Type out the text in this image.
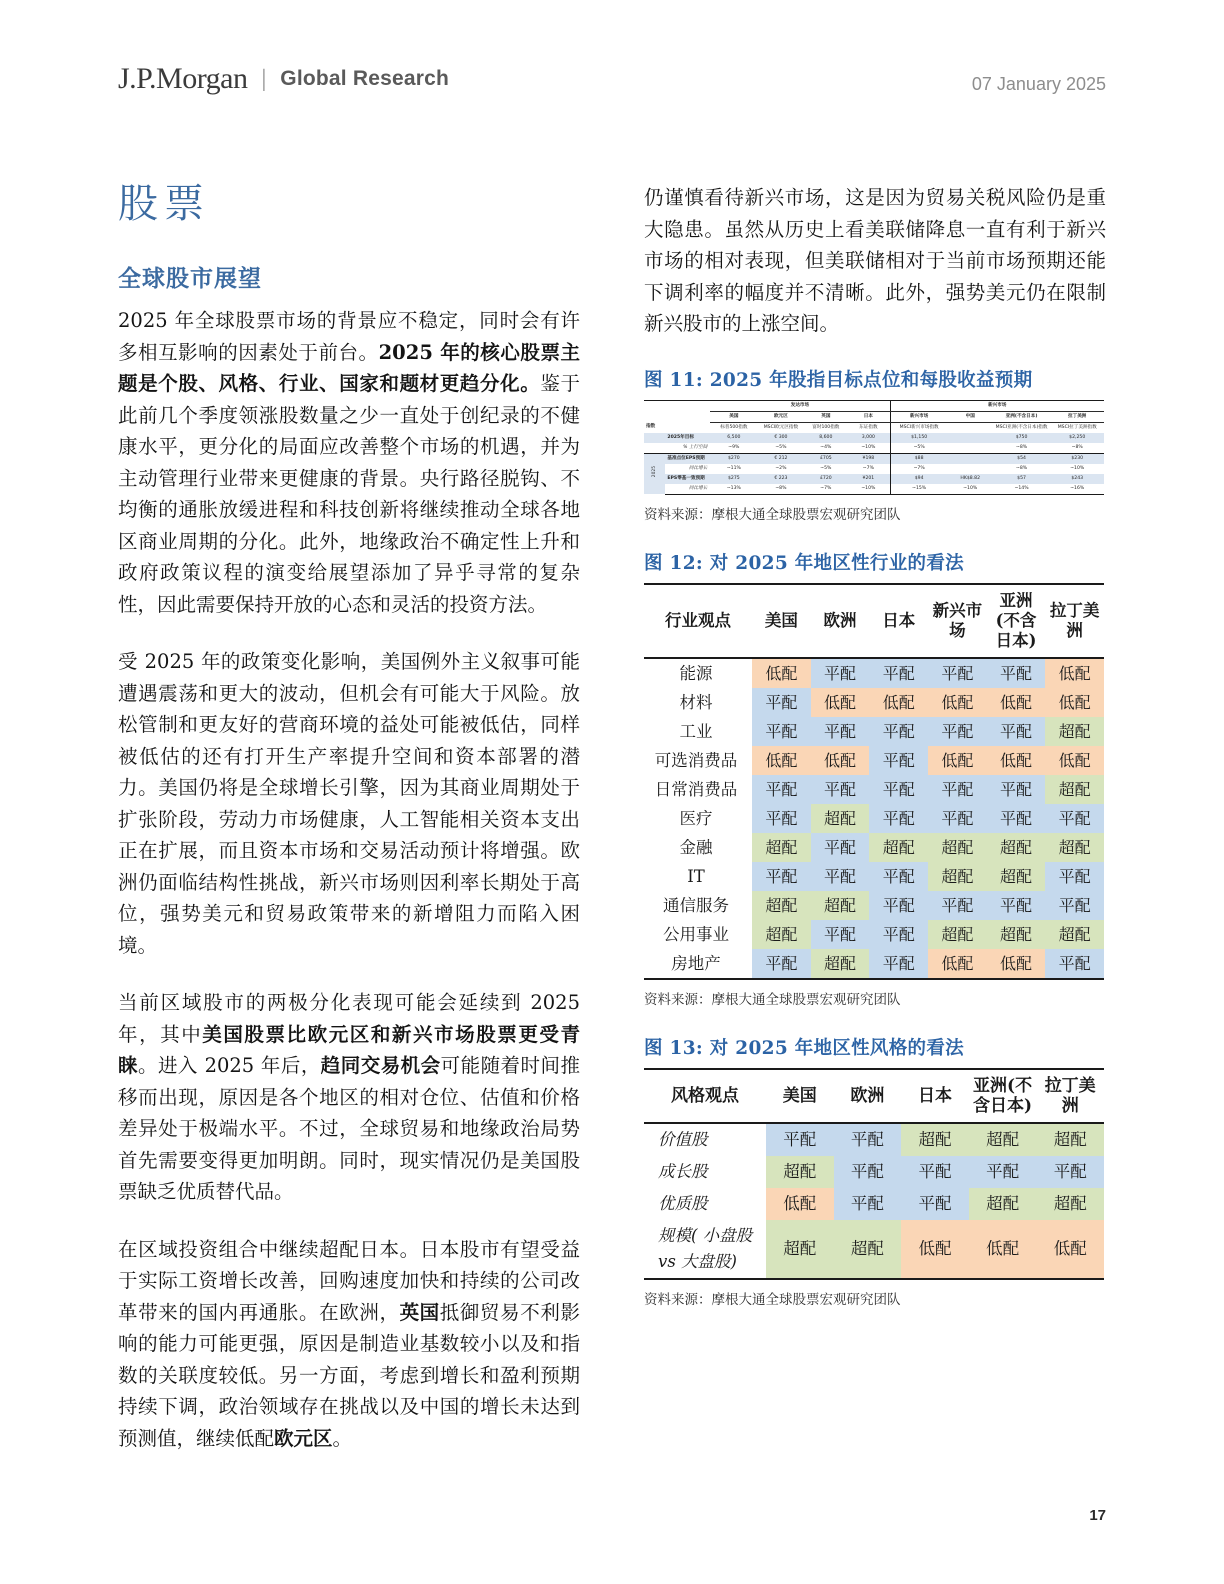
J.P.Morgan | Global Research	07 January 2025
股票
全球股市展望

2025 年全球股票市场的背景应不稳定，同时会有许多相互影响的因素处于前台。2025 年的核心股票主题是个股、风格、行业、国家和题材更趋分化。鉴于此前几个季度领涨股数量之少一直处于创纪录的不健康水平，更分化的局面应改善整个市场的机遇，并为主动管理行业带来更健康的背景。央行路径脱钩、不均衡的通胀放缓进程和科技创新将继续推动全球各地区商业周期的分化。此外，地缘政治不确定性上升和政府政策议程的演变给展望添加了异乎寻常的复杂性，因此需要保持开放的心态和灵活的投资方法。

受 2025 年的政策变化影响，美国例外主义叙事可能遭遇震荡和更大的波动，但机会有可能大于风险。放松管制和更友好的营商环境的益处可能被低估，同样被低估的还有打开生产率提升空间和资本部署的潜力。美国仍将是全球增长引擎，因为其商业周期处于扩张阶段，劳动力市场健康，人工智能相关资本支出正在扩展，而且资本市场和交易活动预计将增强。欧洲仍面临结构性挑战，新兴市场则因利率长期处于高位，强势美元和贸易政策带来的新增阻力而陷入困境。

当前区域股市的两极分化表现可能会延续到 2025 年，其中美国股票比欧元区和新兴市场股票更受青睐。进入 2025 年后，趋同交易机会可能随着时间推移而出现，原因是各个地区的相对仓位、估值和价格差异处于极端水平。不过，全球贸易和地缘政治局势首先需要变得更加明朗。同时，现实情况仍是美国股票缺乏优质替代品。

在区域投资组合中继续超配日本。日本股市有望受益于实际工资增长改善，回购速度加快和持续的公司改革带来的国内再通胀。在欧洲，英国抵御贸易不利影响的能力可能更强，原因是制造业基数较小以及和指数的关联度较低。另一方面，考虑到增长和盈利预期持续下调，政治领域存在挑战以及中国的增长未达到预测值，继续低配欧元区。

仍谨慎看待新兴市场，这是因为贸易关税风险仍是重大隐患。虽然从历史上看美联储降息一直有利于新兴市场的相对表现，但美联储相对于当前市场预期还能下调利率的幅度并不清晰。此外，强势美元仍在限制新兴股市的上涨空间。

图 11: 2025 年股指目标点位和每股收益预期
		发达市场				新兴市场			
		美国	欧元区	英国	日本	新兴市场	中国	亚洲(不含日本)	拉丁美洲
指数		标普500指数	MSCI欧元区指数	富时100指数	东证指数	MSCI新兴市场指数		MSCI亚洲(不含日本)指数	MSCI拉丁美洲指数
	2025年目标	6,500	€ 300	8,600	3,000	$1,150		$750	$2,250
	% 上行空间	~9%	~5%	~4%	~10%	~5%		~8%	~8%
2025	基准点位EPS预期	$270	€ 212	£705	¥198	$88		$54	$230
	同比增长	~11%	~2%	~5%	~7%	~7%		~8%	~10%
	EPS零基一致预期	$275	€ 223	£720	¥201	$94	HK$8.82	$57	$243
	同比增长	~13%	~8%	~7%	~10%	~15%	~10%	~14%	~16%
资料来源：摩根大通全球股票宏观研究团队
图 12: 对 2025 年地区性行业的看法
行业观点	美国	欧洲	日本	新兴市场	亚洲(不含日本)	拉丁美洲
能源	低配	平配	平配	平配	平配	低配
材料	平配	低配	低配	低配	低配	低配
工业	平配	平配	平配	平配	平配	超配
可选消费品	低配	低配	平配	低配	低配	低配
日常消费品	平配	平配	平配	平配	平配	超配
医疗	平配	超配	平配	平配	平配	平配
金融	超配	平配	超配	超配	超配	超配
IT	平配	平配	平配	超配	超配	平配
通信服务	超配	超配	平配	平配	平配	平配
公用事业	超配	平配	平配	超配	超配	超配
房地产	平配	超配	平配	低配	低配	平配
资料来源：摩根大通全球股票宏观研究团队
图 13: 对 2025 年地区性风格的看法
风格观点	美国	欧洲	日本	亚洲(不含日本)	拉丁美洲
价值股	平配	平配	超配	超配	超配
成长股	超配	平配	平配	平配	平配
优质股	低配	平配	平配	超配	超配
规模( 小盘股 vs 大盘股)	超配	超配	低配	低配	低配
资料来源：摩根大通全球股票宏观研究团队
17
